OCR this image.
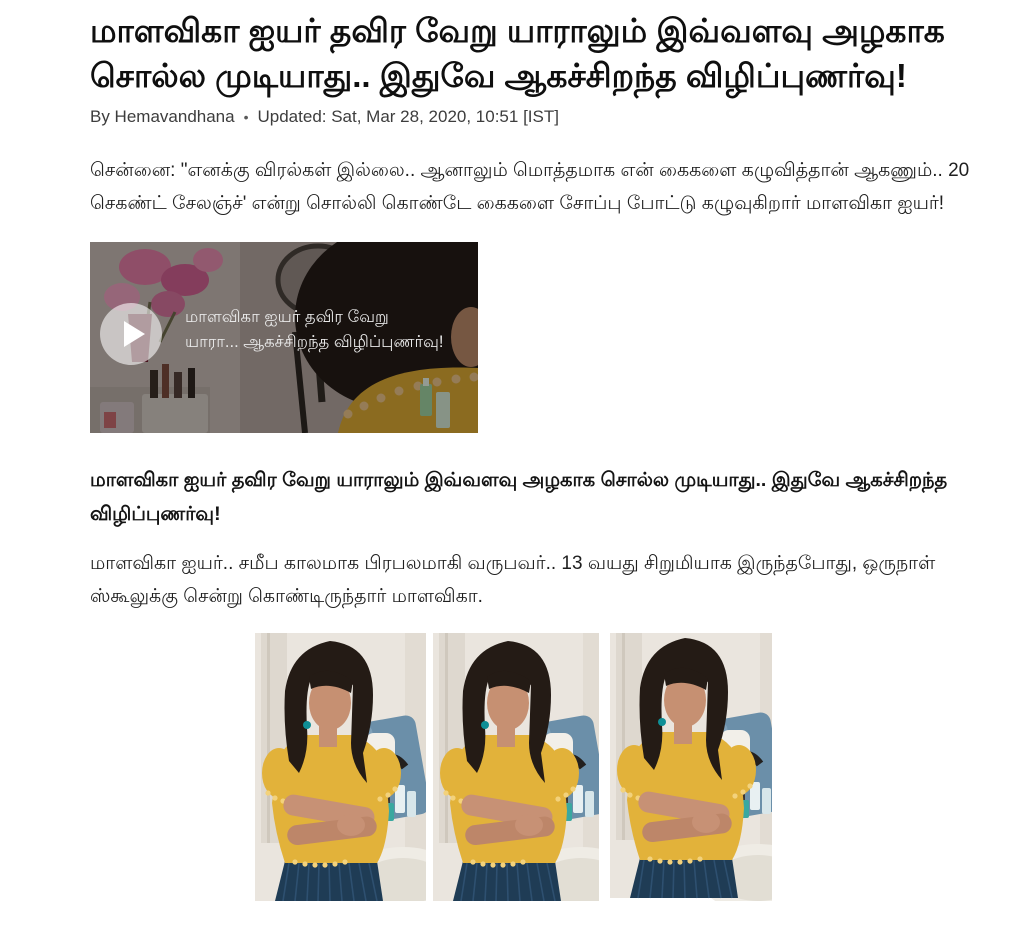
மாளவிகா ஐயர் தவிர வேறு யாராலும் இவ்வளவு அழகாக சொல்ல முடியாது.. இதுவே ஆகச்சிறந்த விழிப்புணர்வு!
By Hemavandhana • Updated: Sat, Mar 28, 2020, 10:51 [IST]

சென்னை: "எனக்கு விரல்கள் இல்லை.. ஆனாலும் மொத்தமாக என் கைகளை கழுவித்தான் ஆகணும்.. 20 செகண்ட் சேலஞ்ச்' என்று சொல்லி கொண்டே கைகளை சோப்பு போட்டு கழுவுகிறார் மாளவிகா ஐயர்!

மாளவிகா ஐயர் தவிர வேறு
யாரா... ஆகச்சிறந்த விழிப்புணர்வு!
மாளவிகா ஐயர் தவிர வேறு யாராலும் இவ்வளவு அழகாக சொல்ல முடியாது.. இதுவே ஆகச்சிறந்த விழிப்புணர்வு!

மாளவிகா ஐயர்.. சமீப காலமாக பிரபலமாகி வருபவர்.. 13 வயது சிறுமியாக இருந்தபோது, ஒருநாள் ஸ்கூலுக்கு சென்று கொண்டிருந்தார் மாளவிகா.
